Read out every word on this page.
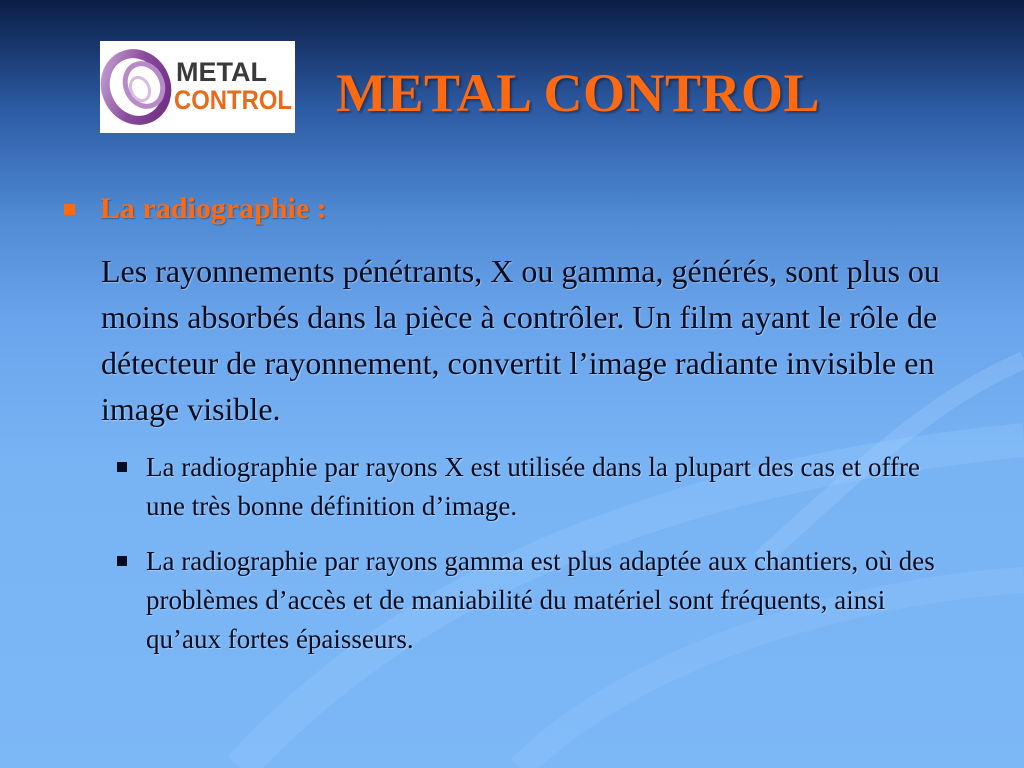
METAL
CONTROL METAL CONTROL
La radiographie :
Les rayonnements pénétrants, X ou gamma, générés, sont plus ou moins absorbés dans la pièce à contrôler. Un film ayant le rôle de détecteur de rayonnement, convertit l’image radiante invisible en image visible.
La radiographie par rayons X est utilisée dans la plupart des cas et offre une très bonne définition d’image.
La radiographie par rayons gamma est plus adaptée aux chantiers, où des problèmes d’accès et de maniabilité du matériel sont fréquents, ainsi qu’aux fortes épaisseurs.
